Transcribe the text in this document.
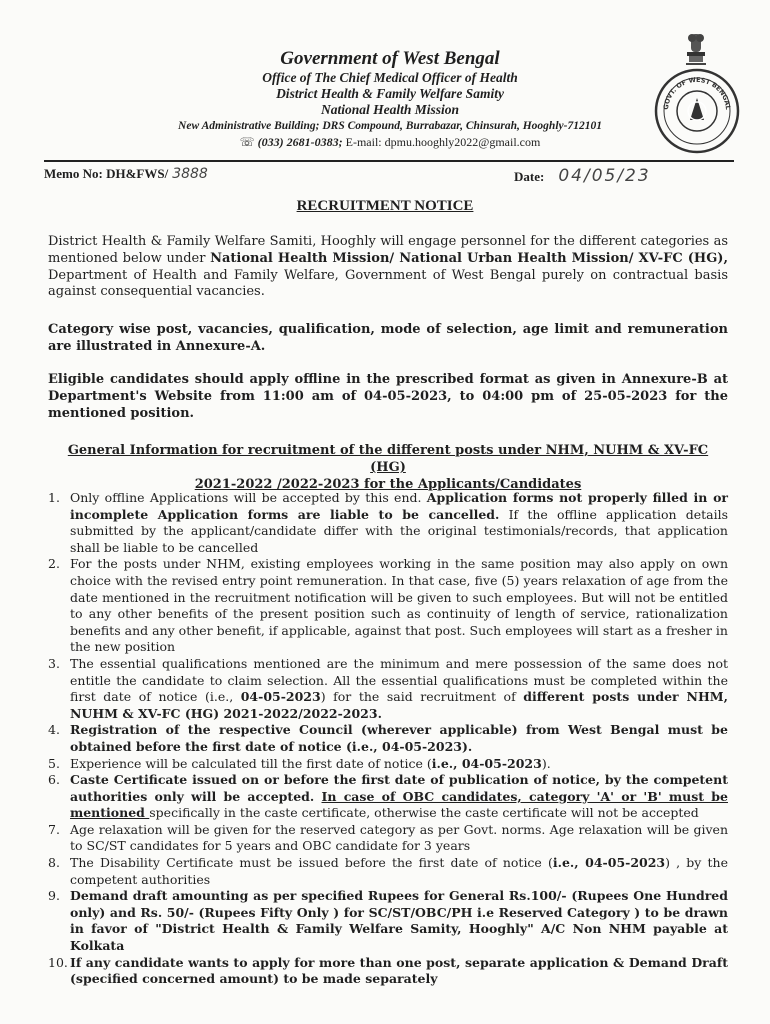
Government of West Bengal
Office of The Chief Medical Officer of Health
District Health & Family Welfare Samity
National Health Mission
New Administrative Building; DRS Compound, Burrabazar, Chinsurah, Hooghly-712101
☏ (033) 2681-0383; E-mail: dpmu.hooghly2022@gmail.com
GOVT. OF WEST BENGAL
Memo No: DH&FWS/ 3888	Date: 04/05/23
RECRUITMENT NOTICE
District Health & Family Welfare Samiti, Hooghly will engage personnel for the different categories as mentioned below under National Health Mission/ National Urban Health Mission/ XV-FC (HG), Department of Health and Family Welfare, Government of West Bengal purely on contractual basis against consequential vacancies.
Category wise post, vacancies, qualification, mode of selection, age limit and remuneration are illustrated in Annexure-A.
Eligible candidates should apply offline in the prescribed format as given in Annexure-B at Department's Website from 11:00 am of 04-05-2023, to 04:00 pm of 25-05-2023 for the mentioned position.
General Information for recruitment of the different posts under NHM, NUHM & XV-FC (HG)
2021-2022 /2022-2023 for the Applicants/Candidates
1. Only offline Applications will be accepted by this end. Application forms not properly filled in or incomplete Application forms are liable to be cancelled. If the offline application details submitted by the applicant/candidate differ with the original testimonials/records, that application shall be liable to be cancelled
2. For the posts under NHM, existing employees working in the same position may also apply on own choice with the revised entry point remuneration. In that case, five (5) years relaxation of age from the date mentioned in the recruitment notification will be given to such employees. But will not be entitled to any other benefits of the present position such as continuity of length of service, rationalization benefits and any other benefit, if applicable, against that post. Such employees will start as a fresher in the new position
3. The essential qualifications mentioned are the minimum and mere possession of the same does not entitle the candidate to claim selection. All the essential qualifications must be completed within the first date of notice (i.e., 04-05-2023) for the said recruitment of different posts under NHM, NUHM & XV-FC (HG) 2021-2022/2022-2023.
4. Registration of the respective Council (wherever applicable) from West Bengal must be obtained before the first date of notice (i.e., 04-05-2023).
5. Experience will be calculated till the first date of notice (i.e., 04-05-2023).
6. Caste Certificate issued on or before the first date of publication of notice, by the competent authorities only will be accepted. In case of OBC candidates, category 'A' or 'B' must be mentioned specifically in the caste certificate, otherwise the caste certificate will not be accepted
7. Age relaxation will be given for the reserved category as per Govt. norms. Age relaxation will be given to SC/ST candidates for 5 years and OBC candidate for 3 years
8. The Disability Certificate must be issued before the first date of notice (i.e., 04-05-2023) , by the competent authorities
9. Demand draft amounting as per specified Rupees for General Rs.100/- (Rupees One Hundred only) and Rs. 50/- (Rupees Fifty Only ) for SC/ST/OBC/PH i.e Reserved Category ) to be drawn in favor of "District Health & Family Welfare Samity, Hooghly" A/C Non NHM payable at Kolkata
10. If any candidate wants to apply for more than one post, separate application & Demand Draft (specified concerned amount) to be made separately
